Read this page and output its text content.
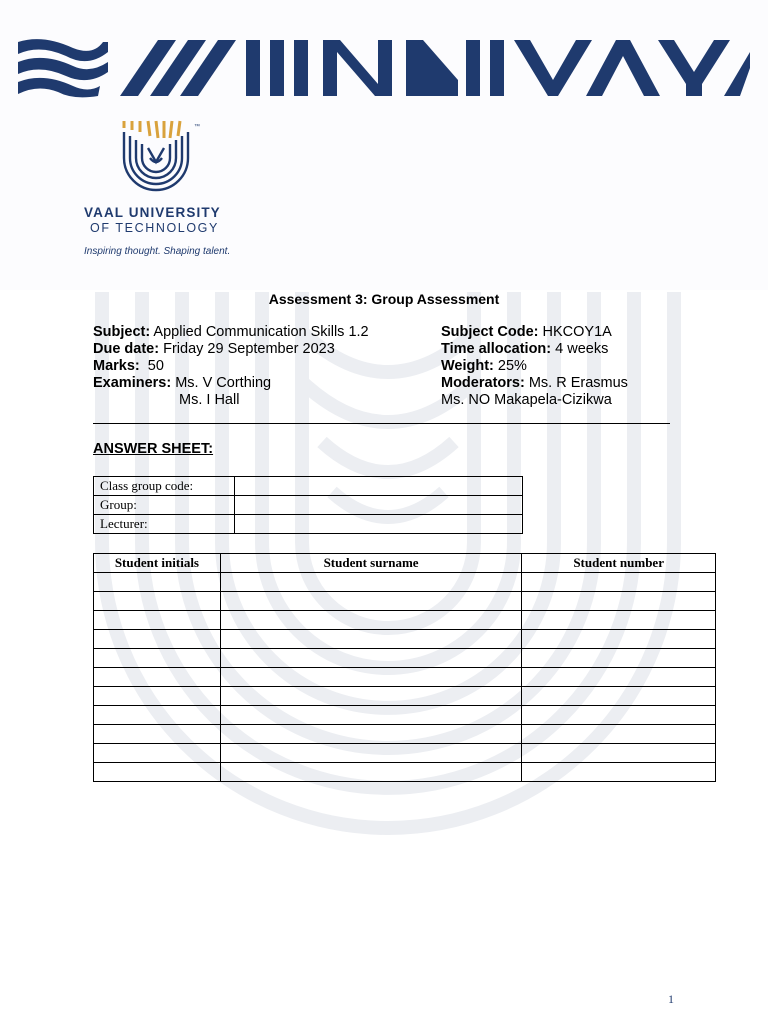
™
VAAL UNIVERSITY
OF TECHNOLOGY
Inspiring thought. Shaping talent.
Assessment 3: Group Assessment
Subject: Applied Communication Skills 1.2
Due date: Friday 29 September 2023
Marks:  50
Examiners: Ms. V Corthing
Ms. I Hall
Subject Code: HKCOY1A
Time allocation: 4 weeks
Weight: 25%
Moderators: Ms. R Erasmus
Ms. NO Makapela-Cizikwa
ANSWER SHEET:
Class group code:	
Group:	
Lecturer:	
Student initials	Student surname	Student number

1
